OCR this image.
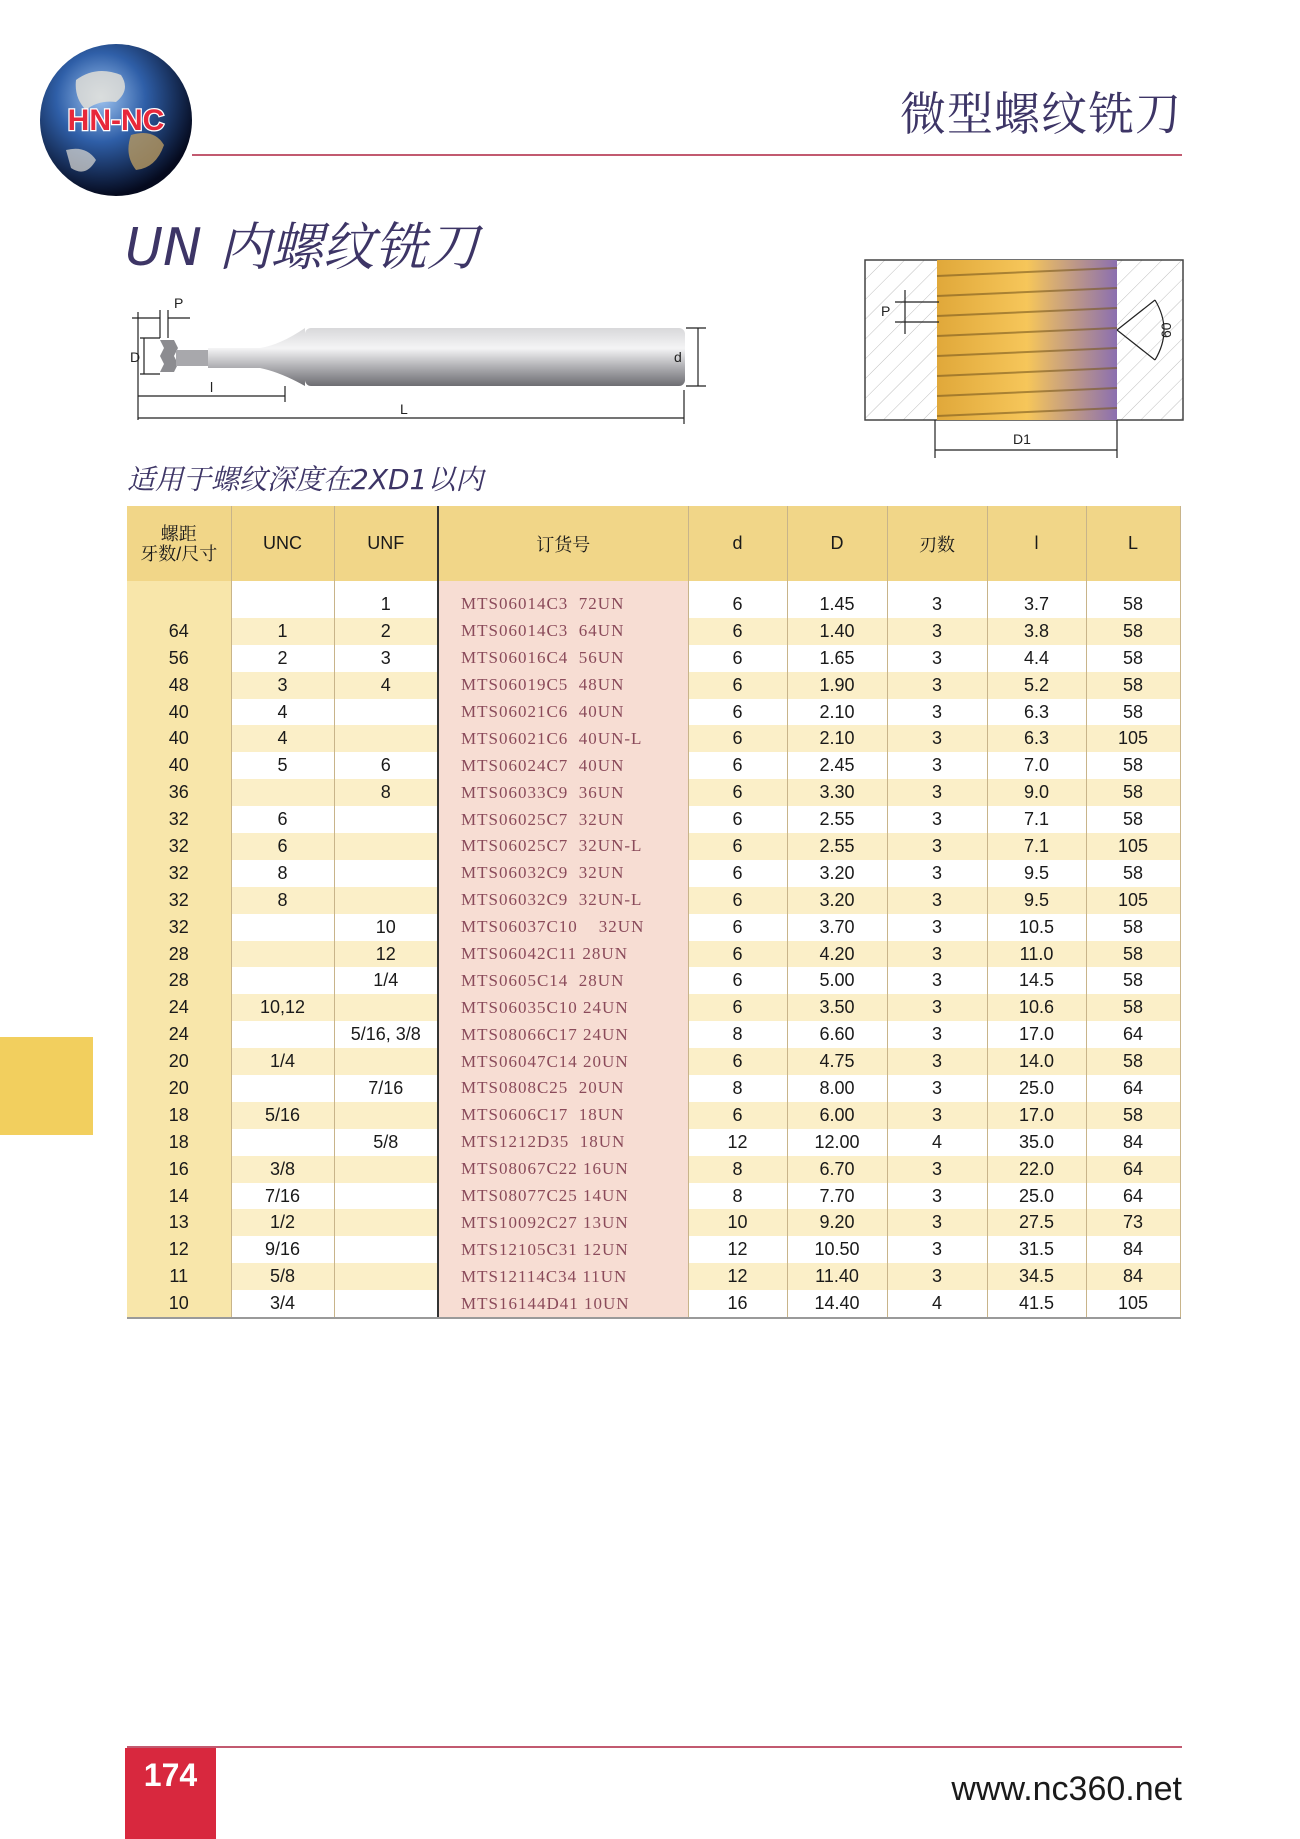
HN-NC	微型螺纹铣刀
UN 内螺纹铣刀
P
D
l
L
d
P
60
D1
适用于螺纹深度在2XD1以内
螺距
牙数/尺寸	UNC	UNF	订货号	d	D	刃数	l	L

		1	MTS06014C3  72UN	6	1.45	3	3.7	58
64	1	2	MTS06014C3  64UN	6	1.40	3	3.8	58
56	2	3	MTS06016C4  56UN	6	1.65	3	4.4	58
48	3	4	MTS06019C5  48UN	6	1.90	3	5.2	58
40	4		MTS06021C6  40UN	6	2.10	3	6.3	58
40	4		MTS06021C6  40UN-L	6	2.10	3	6.3	105
40	5	6	MTS06024C7  40UN	6	2.45	3	7.0	58
36		8	MTS06033C9  36UN	6	3.30	3	9.0	58
32	6		MTS06025C7  32UN	6	2.55	3	7.1	58
32	6		MTS06025C7  32UN-L	6	2.55	3	7.1	105
32	8		MTS06032C9  32UN	6	3.20	3	9.5	58
32	8		MTS06032C9  32UN-L	6	3.20	3	9.5	105
32		10	MTS06037C10    32UN	6	3.70	3	10.5	58
28		12	MTS06042C11 28UN	6	4.20	3	11.0	58
28		1/4	MTS0605C14  28UN	6	5.00	3	14.5	58
24	10,12		MTS06035C10 24UN	6	3.50	3	10.6	58
24		5/16, 3/8	MTS08066C17 24UN	8	6.60	3	17.0	64
20	1/4		MTS06047C14 20UN	6	4.75	3	14.0	58
20		7/16	MTS0808C25  20UN	8	8.00	3	25.0	64
18	5/16		MTS0606C17  18UN	6	6.00	3	17.0	58
18		5/8	MTS1212D35  18UN	12	12.00	4	35.0	84
16	3/8		MTS08067C22 16UN	8	6.70	3	22.0	64
14	7/16		MTS08077C25 14UN	8	7.70	3	25.0	64
13	1/2		MTS10092C27 13UN	10	9.20	3	27.5	73
12	9/16		MTS12105C31 12UN	12	10.50	3	31.5	84
11	5/8		MTS12114C34 11UN	12	11.40	3	34.5	84
10	3/4		MTS16144D41 10UN	16	14.40	4	41.5	105
174	www.nc360.net
